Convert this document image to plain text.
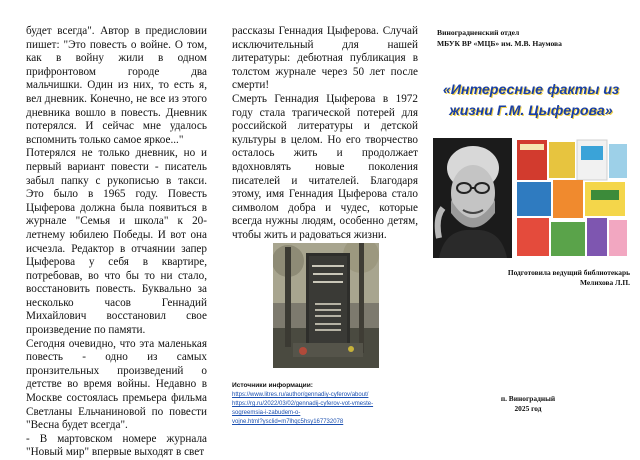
будет всегда". Автор в предисловии пишет: "Это повесть о войне. О том, как в войну жили в одном прифронтовом городе два мальчишки. Один из них, то есть я, вел дневник. Конечно, не все из этого дневника вошло в повесть. Дневник потерялся. И сейчас мне удалось вспомнить только самое яркое..."

Потерялся не только дневник, но и первый вариант повести - писатель забыл папку с рукописью в такси. Это было в 1965 году. Повесть Цыферова должна была появиться в журнале "Семья и школа" к 20-летнему юбилею Победы. И вот она исчезла. Редактор в отчаянии запер Цыферова у себя в квартире, потребовав, во что бы то ни стало, восстановить повесть. Буквально за несколько часов Геннадий Михайлович восстановил свое произведение по памяти.

Сегодня очевидно, что эта маленькая повесть - одно из самых пронзительных произведений о детстве во время войны. Недавно в Москве состоялась премьера фильма Светланы Ельчаниновой по повести "Весна будет всегда".

- В мартовском номере журнала "Новый мир" впервые выходят в свет

рассказы Геннадия Цыферова. Случай исключительный для нашей литературы: дебютная публикация в толстом журнале через 50 лет после смерти!

Смерть Геннадия Цыферова в 1972 году стала трагической потерей для российской литературы и детской культуры в целом. Но его творчество осталось жить и продолжает вдохновлять новые поколения писателей и читателей. Благодаря этому, имя Геннадия Цыферова стало символом добра и чудес, которые всегда нужны людям, особенно детям, чтобы жить и радоваться жизни.

Источники информации:
https://www.litres.ru/author/gennadiy-cyferov/about/
https://rg.ru/2022/03/02/gennadij-cyferov-vot-vmeste-
sogreemsia-i-zabudem-o-
vojne.html?ysclid=m7lhqc5hsy167732078
Виноградненский отдел
МБУК ВР «МЦБ» им. М.В. Наумова
«Интересные факты из жизни Г.М. Цыферова»
Подготовила ведущий библиотекарь
Мелихова Л.П.
п. Виноградный
2025 год
